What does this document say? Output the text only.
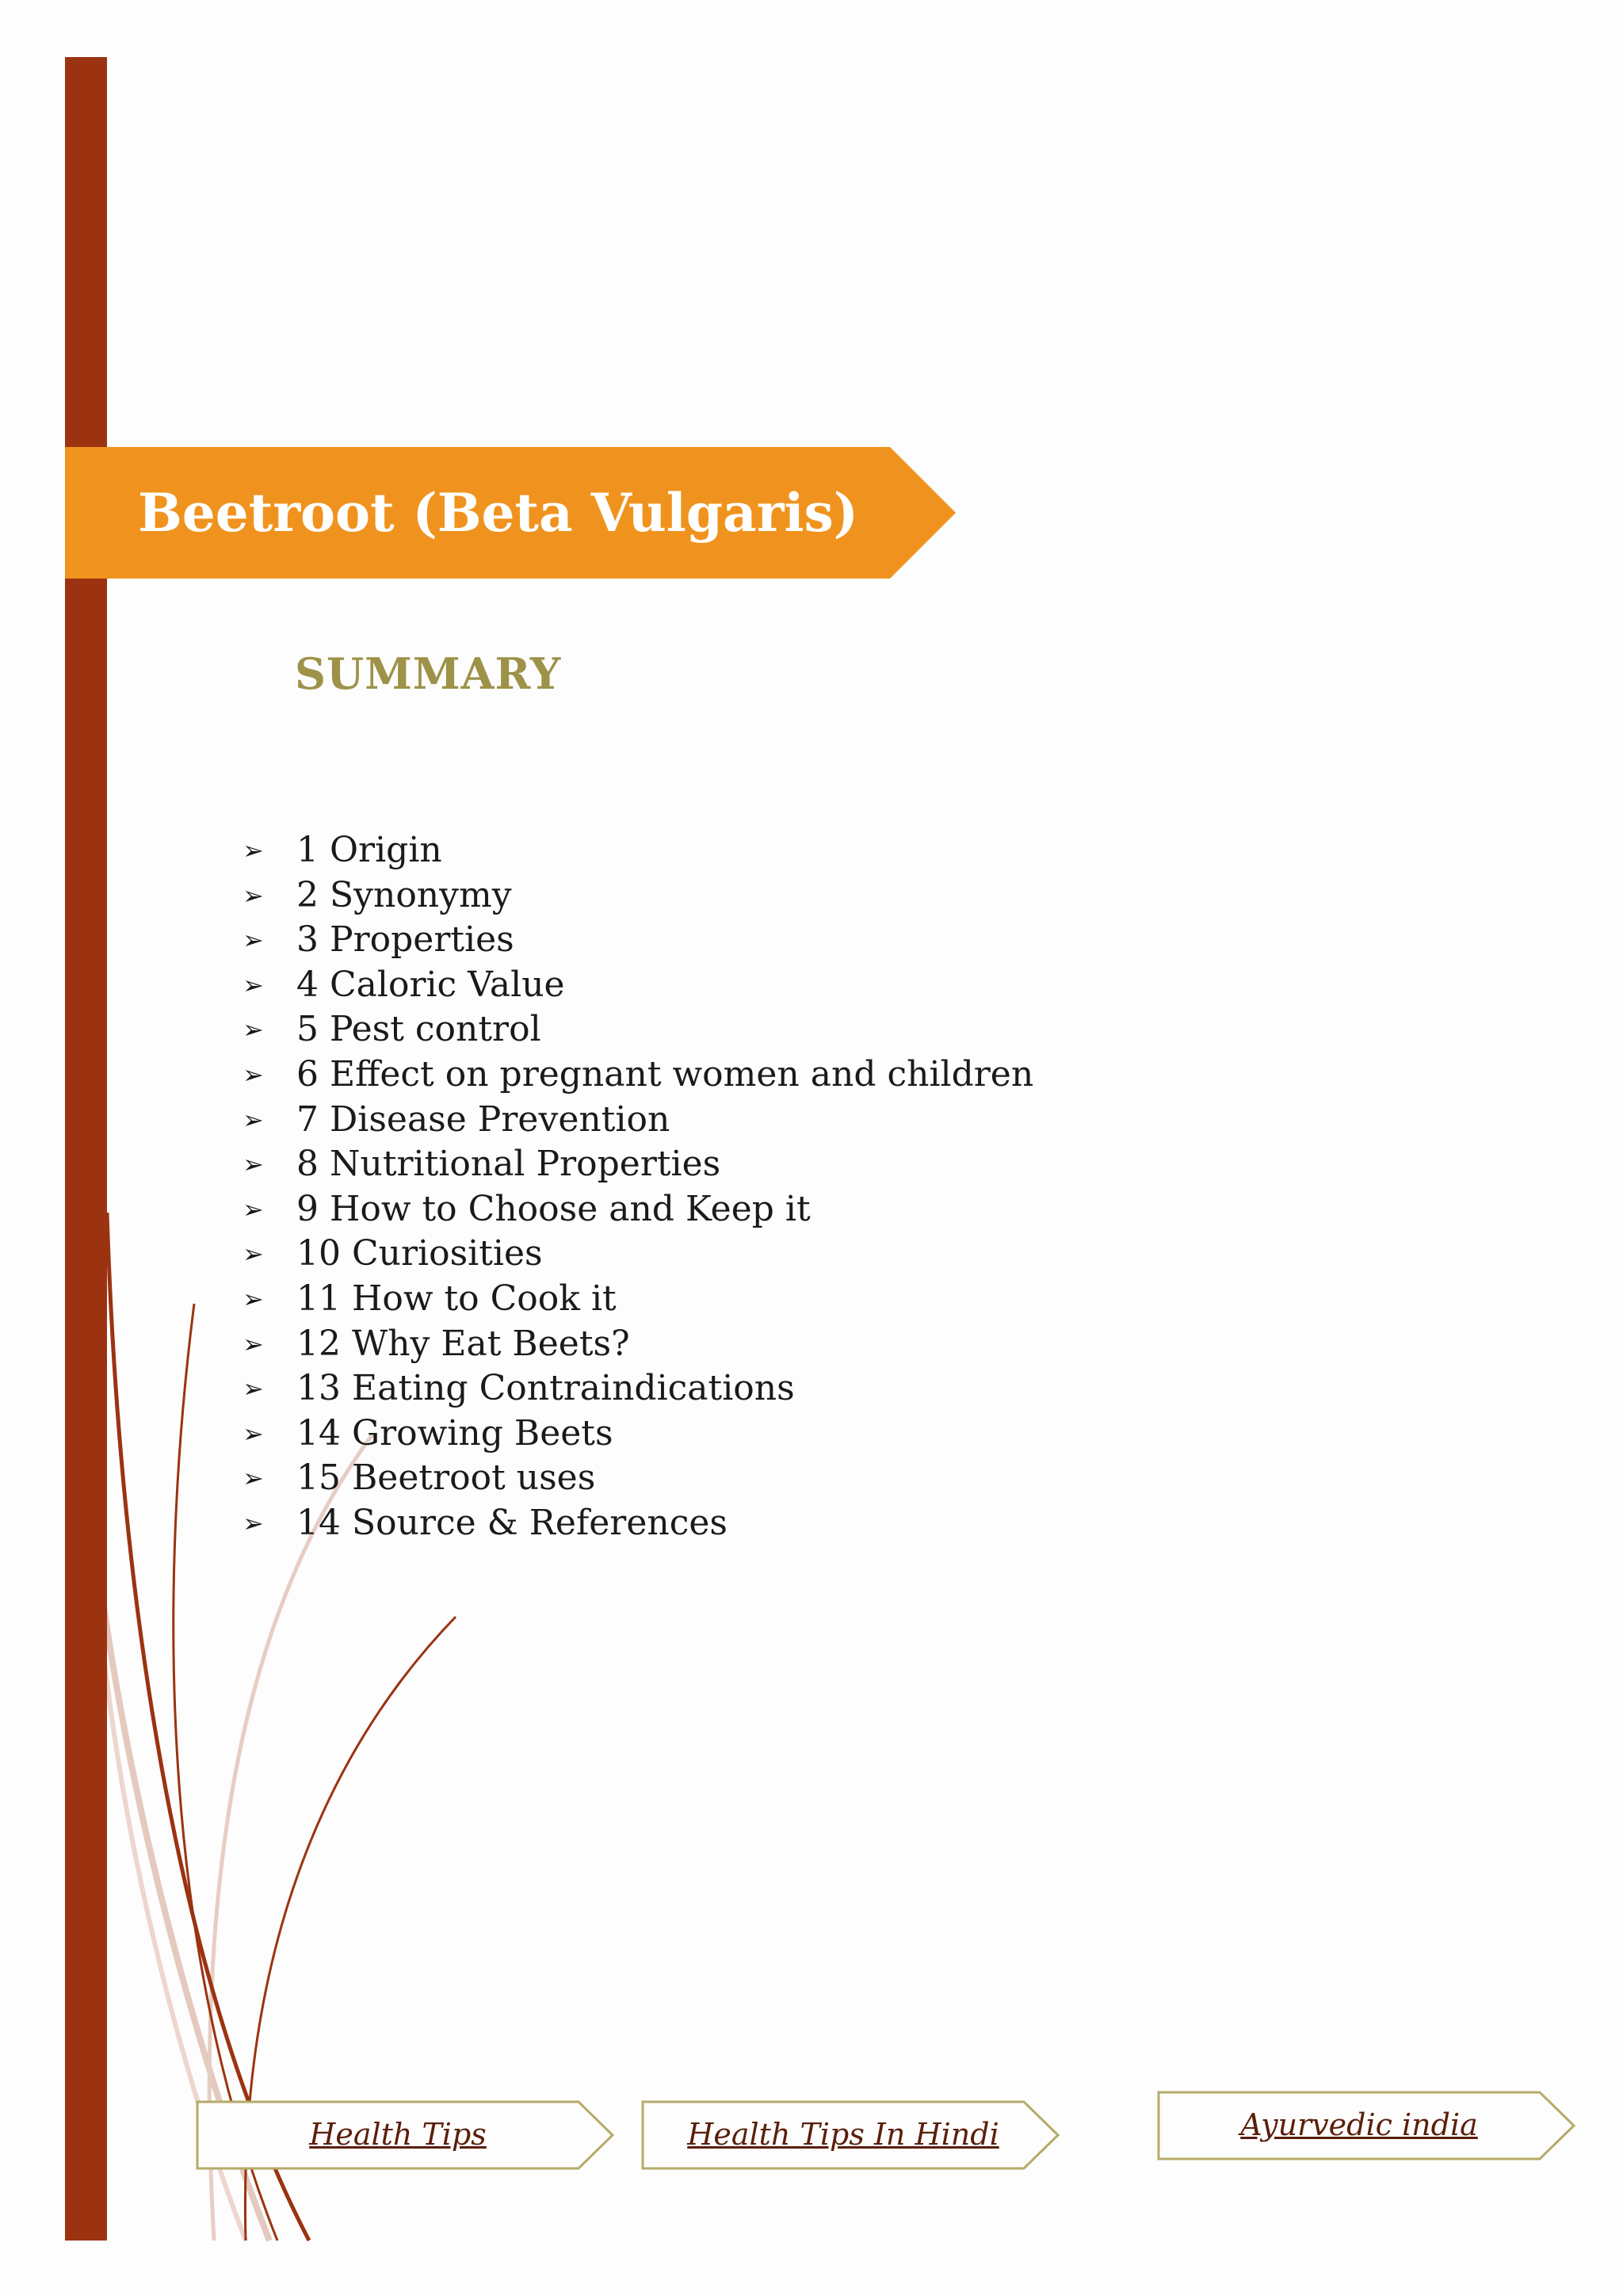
Beetroot (Beta Vulgaris)
SUMMARY
➢ 1 Origin
➢ 2 Synonymy
➢ 3 Properties
➢ 4 Caloric Value
➢ 5 Pest control
➢ 6 Effect on pregnant women and children
➢ 7 Disease Prevention
➢ 8 Nutritional Properties
➢ 9 How to Choose and Keep it
➢ 10 Curiosities
➢ 11 How to Cook it
➢ 12 Why Eat Beets?
➢ 13 Eating Contraindications
➢ 14 Growing Beets
➢ 15 Beetroot uses
➢ 14 Source & References
Health Tips	Health Tips In Hindi	Ayurvedic india
